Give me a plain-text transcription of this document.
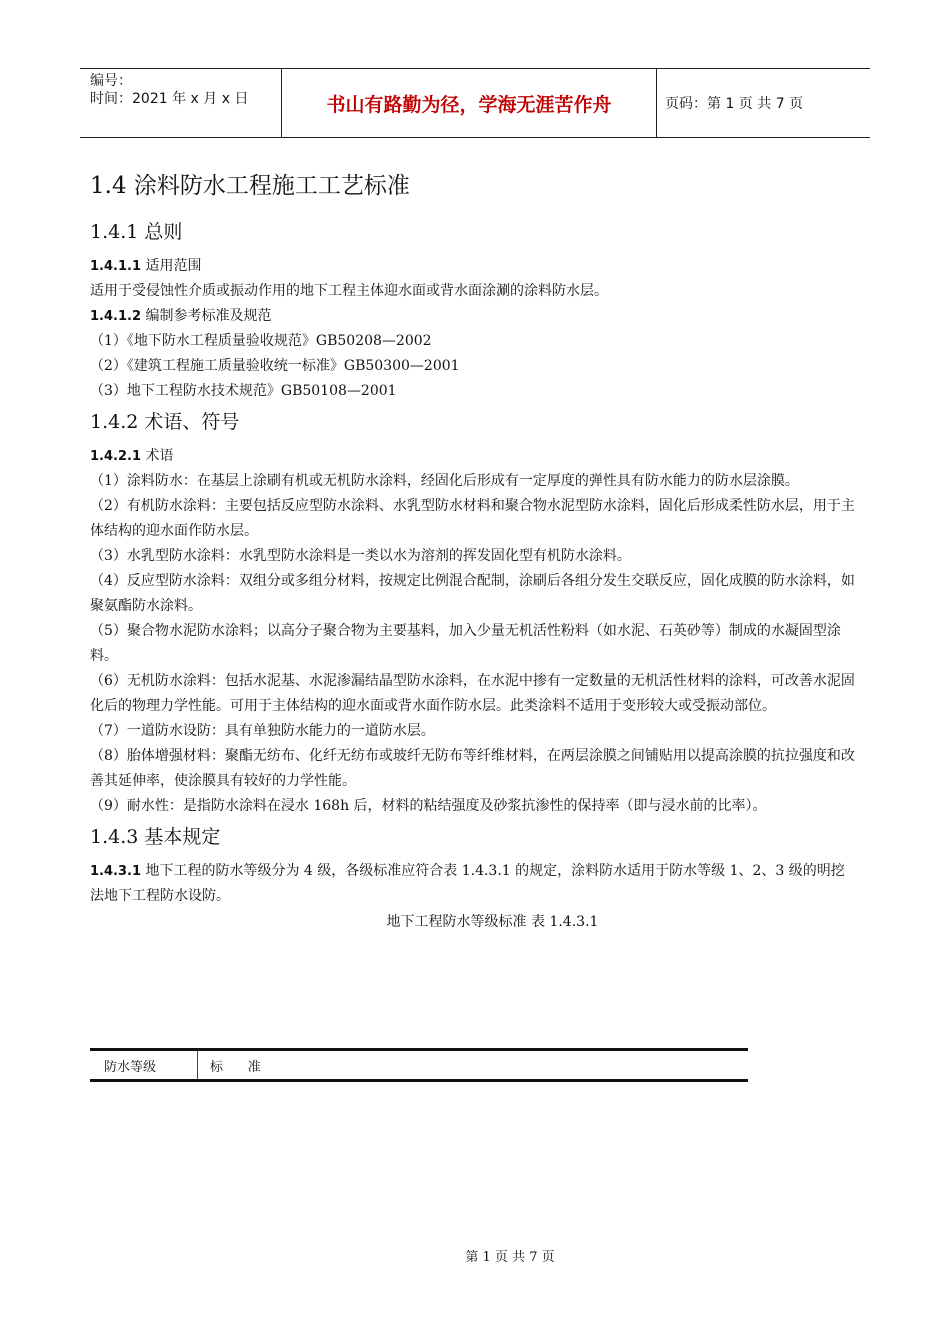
编号：
时间：2021 年 x 月 x 日	书山有路勤为径，学海无涯苦作舟	页码：第 1 页 共 7 页
1.4 涂料防水工程施工工艺标准
1.4.1 总则

1.4.1.1 适用范围

适用于受侵蚀性介质或振动作用的地下工程主体迎水面或背水面涂涮的涂料防水层。

1.4.1.2 编制参考标准及规范

（1）《地下防水工程质量验收规范》GB50208—2002

（2）《建筑工程施工质量验收统一标准》GB50300—2001

（3）地下工程防水技术规范》GB50108—2001

1.4.2 术语、符号

1.4.2.1 术语

（1）涂料防水：在基层上涂刷有机或无机防水涂料，经固化后形成有一定厚度的弹性具有防水能力的防水层涂膜。

（2）有机防水涂料：主要包括反应型防水涂料、水乳型防水材料和聚合物水泥型防水涂料，固化后形成柔性防水层，用于主体结构的迎水面作防水层。

（3）水乳型防水涂料：水乳型防水涂料是一类以水为溶剂的挥发固化型有机防水涂料。

（4）反应型防水涂料：双组分或多组分材料，按规定比例混合配制，涂刷后各组分发生交联反应，固化成膜的防水涂料，如聚氨酯防水涂料。

（5）聚合物水泥防水涂料；以高分子聚合物为主要基料，加入少量无机活性粉料（如水泥、石英砂等）制成的水凝固型涂料。

（6）无机防水涂料：包括水泥基、水泥渗漏结晶型防水涂料，在水泥中掺有一定数量的无机活性材料的涂料，可改善水泥固化后的物理力学性能。可用于主体结构的迎水面或背水面作防水层。此类涂料不适用于变形较大或受振动部位。

（7）一道防水设防：具有单独防水能力的一道防水层。

（8）胎体增强材料：聚酯无纺布、化纤无纺布或玻纤无防布等纤维材料，在两层涂膜之间铺贴用以提高涂膜的抗拉强度和改善其延伸率，使涂膜具有较好的力学性能。

（9）耐水性：是指防水涂料在浸水 168h 后，材料的粘结强度及砂浆抗渗性的保持率（即与浸水前的比率）。

1.4.3 基本规定

1.4.3.1 地下工程的防水等级分为 4 级，各级标准应符合表 1.4.3.1 的规定，涂料防水适用于防水等级 1、2、3 级的明挖法地下工程防水设防。

地下工程防水等级标准 表 1.4.3.1
防水等级	标      准
第 1 页 共 7 页
